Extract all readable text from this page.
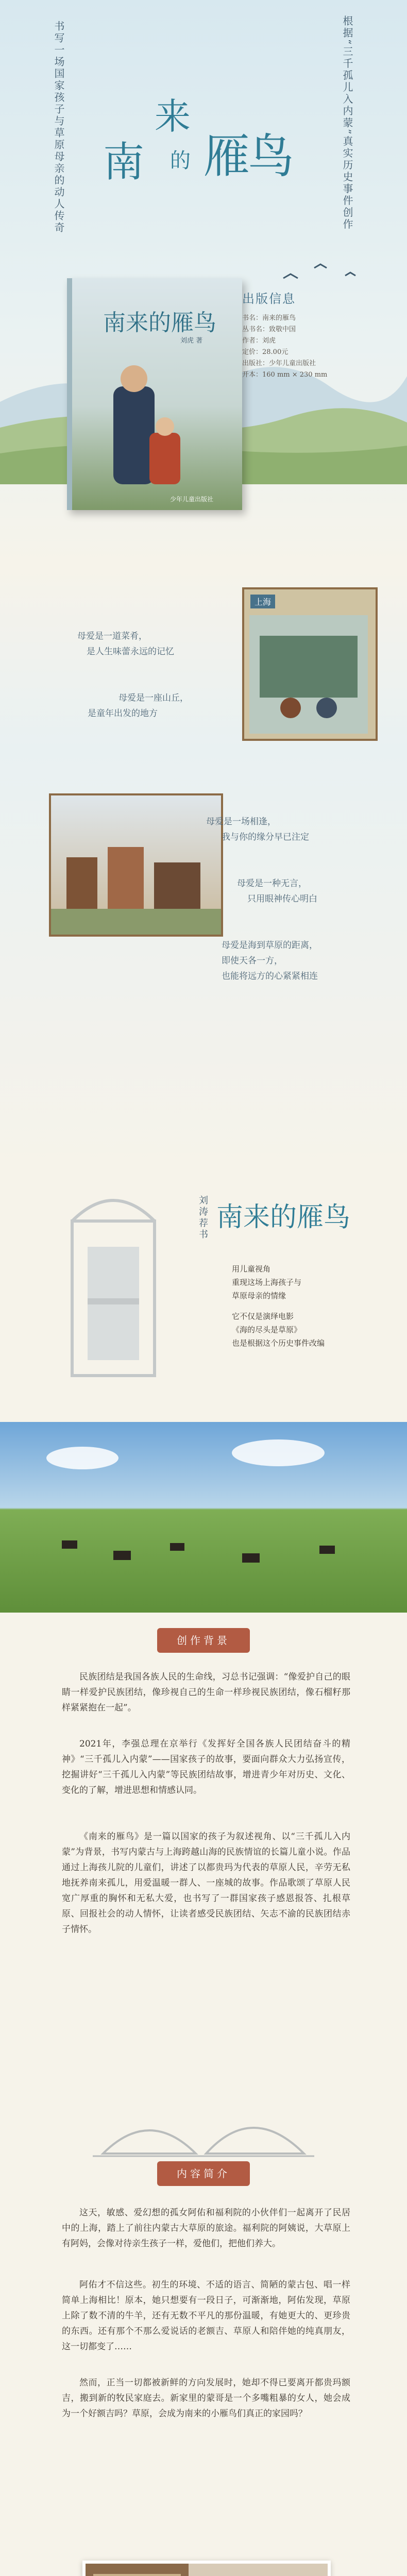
书写一场国家孩子与草原母亲的动人传奇	根据“三千孤儿入内蒙”真实历史事件创作
来
南 的 雁鸟
南来的雁鸟
刘虎 著
少年儿童出版社
出版信息
书名：南来的雁鸟
丛书名：致敬中国
作者：刘虎
定价：28.00元
出版社：少年儿童出版社
开本：160 mm × 230 mm
上海
母爱是一道菜肴，
是人生味蕾永远的记忆
母爱是一座山丘，
是童年出发的地方
母爱是一场相逢，
我与你的缘分早已注定
母爱是一种无言，
只用眼神传心明白
母爱是海到草原的距离，
即使天各一方，
也能将远方的心紧紧相连
刘涛荐书 南来的雁鸟
用儿童视角
重现这场上海孩子与
草原母亲的情缘
它不仅是演绎电影
《海的尽头是草原》
也是根据这个历史事件改编
创作背景
民族团结是我国各族人民的生命线，习总书记强调：“像爱护自己的眼睛一样爱护民族团结，像珍视自己的生命一样珍视民族团结，像石榴籽那样紧紧抱在一起”。
2021年，李强总理在京举行《发挥好全国各族人民团结奋斗的精神》“三千孤儿入内蒙”——国家孩子的故事，要面向群众大力弘扬宣传，挖掘讲好“三千孤儿入内蒙”等民族团结故事，增进青少年对历史、文化、变化的了解，增进思想和情感认同。
《南来的雁鸟》是一篇以国家的孩子为叙述视角、以“三千孤儿入内蒙”为背景，书写内蒙古与上海跨越山海的民族情谊的长篇儿童小说。作品通过上海孩儿院的儿童们，讲述了以都贵玛为代表的草原人民，辛劳无私地抚养南来孤儿，用爱温暖一群人、一座城的故事。作品歌颂了草原人民宽广厚重的胸怀和无私大爱，也书写了一群国家孩子感恩报答、扎根草原、回报社会的动人情怀，让读者感受民族团结、矢志不渝的民族团结赤子情怀。
内容简介
这天，敏感、爱幻想的孤女阿佑和福利院的小伙伴们一起离开了民居中的上海，踏上了前往内蒙古大草原的旅途。福利院的阿姨说，大草原上有阿妈，会像对待亲生孩子一样，爱他们，把他们养大。
阿佑才不信这些。初生的环境、不适的语言、简陋的蒙古包、唱一样简单上海相比！原本，她只想要有一段日子，可渐渐地，阿佑发现，草原上除了数不清的牛羊，还有无数不平凡的那份温暖，有她更大的、更珍贵的东西。还有那个不那么爱说话的老额吉、草原人和陪伴她的纯真朋友，这一切都变了……
然而，正当一切都被新鲜的方向发展时，她却不得已要离开都贵玛额吉，搬到新的牧民家庭去。新家里的蒙哥是一个多嘴粗暴的女人，她会成为一个好额吉吗？草原，会成为南来的小雁鸟们真正的家园吗？
